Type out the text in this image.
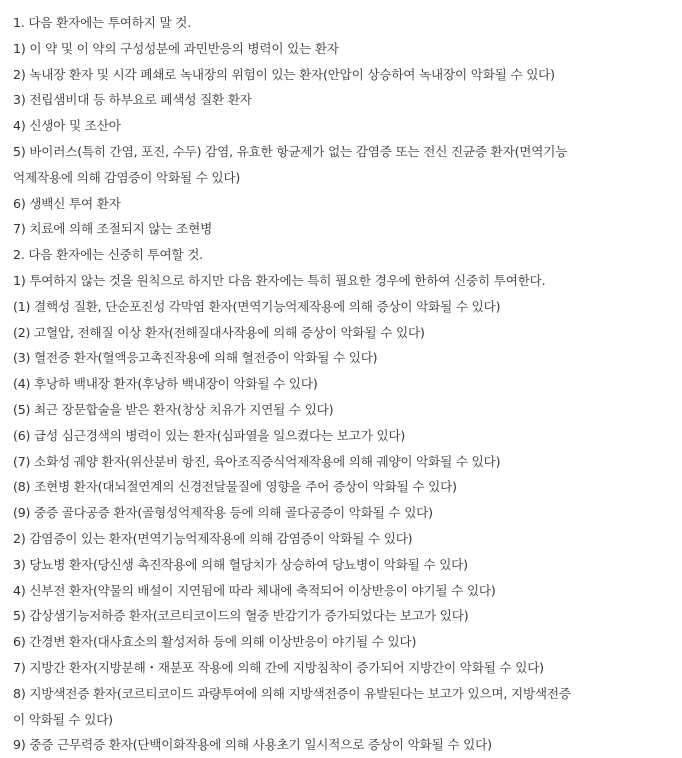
1. 다음 환자에는 투여하지 말 것.
1) 이 약 및 이 약의 구성성분에 과민반응의 병력이 있는 환자
2) 녹내장 환자 및 시각 폐쇄로 녹내장의 위험이 있는 환자(안압이 상승하여 녹내장이 악화될 수 있다)
3) 전립샘비대 등 하부요로 폐색성 질환 환자
4) 신생아 및 조산아
5) 바이러스(특히 간염, 포진, 수두) 감염, 유효한 항균제가 없는 감염증 또는 전신 진균증 환자(면역기능
억제작용에 의해 감염증이 악화될 수 있다)
6) 생백신 투여 환자
7) 치료에 의해 조절되지 않는 조현병
2. 다음 환자에는 신중히 투여할 것.
1) 투여하지 않는 것을 원칙으로 하지만 다음 환자에는 특히 필요한 경우에 한하여 신중히 투여한다.
(1) 결핵성 질환, 단순포진성 각막염 환자(면역기능억제작용에 의해 증상이 악화될 수 있다)
(2) 고혈압, 전해질 이상 환자(전해질대사작용에 의해 증상이 악화될 수 있다)
(3) 혈전증 환자(혈액응고촉진작용에 의해 혈전증이 악화될 수 있다)
(4) 후낭하 백내장 환자(후낭하 백내장이 악화될 수 있다)
(5) 최근 장문합술을 받은 환자(창상 치유가 지연될 수 있다)
(6) 급성 심근경색의 병력이 있는 환자(심파열을 일으켰다는 보고가 있다)
(7) 소화성 궤양 환자(위산분비 항진, 육아조직증식억제작용에 의해 궤양이 악화될 수 있다)
(8) 조현병 환자(대뇌절연계의 신경전달물질에 영향을 주어 증상이 악화될 수 있다)
(9) 중증 골다공증 환자(골형성억제작용 등에 의해 골다공증이 악화될 수 있다)
2) 감염증이 있는 환자(면역기능억제작용에 의해 감염증이 악화될 수 있다)
3) 당뇨병 환자(당신생 촉진작용에 의해 혈당치가 상승하여 당뇨병이 악화될 수 있다)
4) 신부전 환자(약물의 배설이 지연됨에 따라 체내에 축적되어 이상반응이 야기될 수 있다)
5) 갑상샘기능저하증 환자(코르티코이드의 혈중 반감기가 증가되었다는 보고가 있다)
6) 간경변 환자(대사효소의 활성저하 등에 의해 이상반응이 야기될 수 있다)
7) 지방간 환자(지방분해・재분포 작용에 의해 간에 지방침착이 증가되어 지방간이 악화될 수 있다)
8) 지방색전증 환자(코르티코이드 과량투여에 의해 지방색전증이 유발된다는 보고가 있으며, 지방색전증
이 악화될 수 있다)
9) 중증 근무력증 환자(단백이화작용에 의해 사용초기 일시적으로 증상이 악화될 수 있다)
